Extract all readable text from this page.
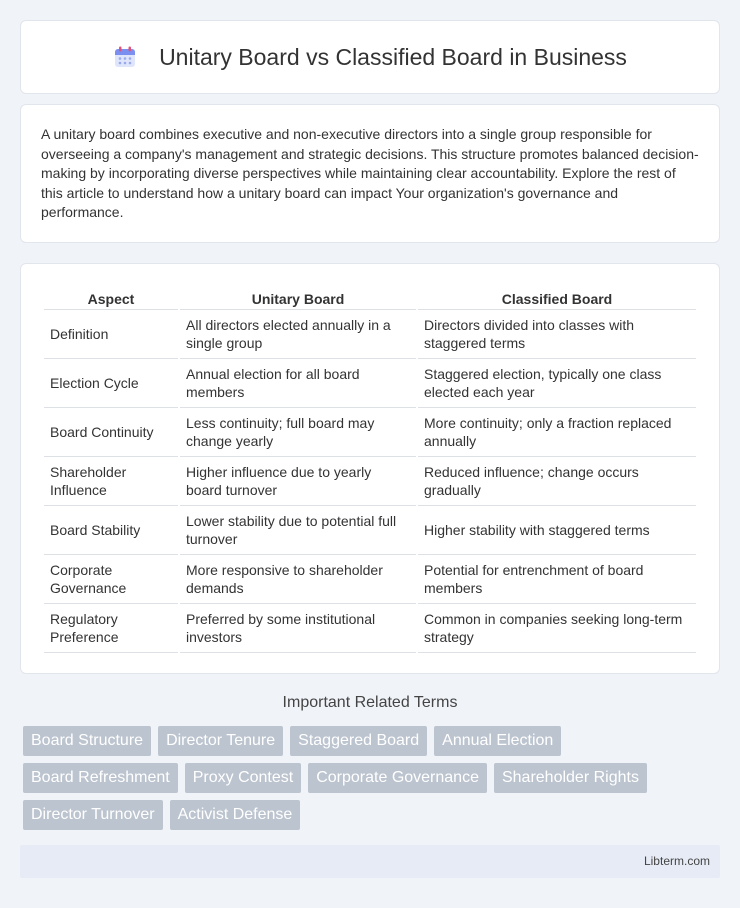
Unitary Board vs Classified Board in Business

A unitary board combines executive and non-executive directors into a single group responsible for overseeing a company's management and strategic decisions. This structure promotes balanced decision-making by incorporating diverse perspectives while maintaining clear accountability. Explore the rest of this article to understand how a unitary board can impact Your organization's governance and performance.

Aspect	Unitary Board	Classified Board
Definition	All directors elected annually in a single group	Directors divided into classes with staggered terms
Election Cycle	Annual election for all board members	Staggered election, typically one class elected each year
Board Continuity	Less continuity; full board may change yearly	More continuity; only a fraction replaced annually
Shareholder Influence	Higher influence due to yearly board turnover	Reduced influence; change occurs gradually
Board Stability	Lower stability due to potential full turnover	Higher stability with staggered terms
Corporate Governance	More responsive to shareholder demands	Potential for entrenchment of board members
Regulatory Preference	Preferred by some institutional investors	Common in companies seeking long-term strategy
Important Related Terms
Board Structure	Director Tenure	Staggered Board	Annual Election
Board Refreshment	Proxy Contest	Corporate Governance	Shareholder Rights
Director Turnover	Activist Defense
Libterm.com
